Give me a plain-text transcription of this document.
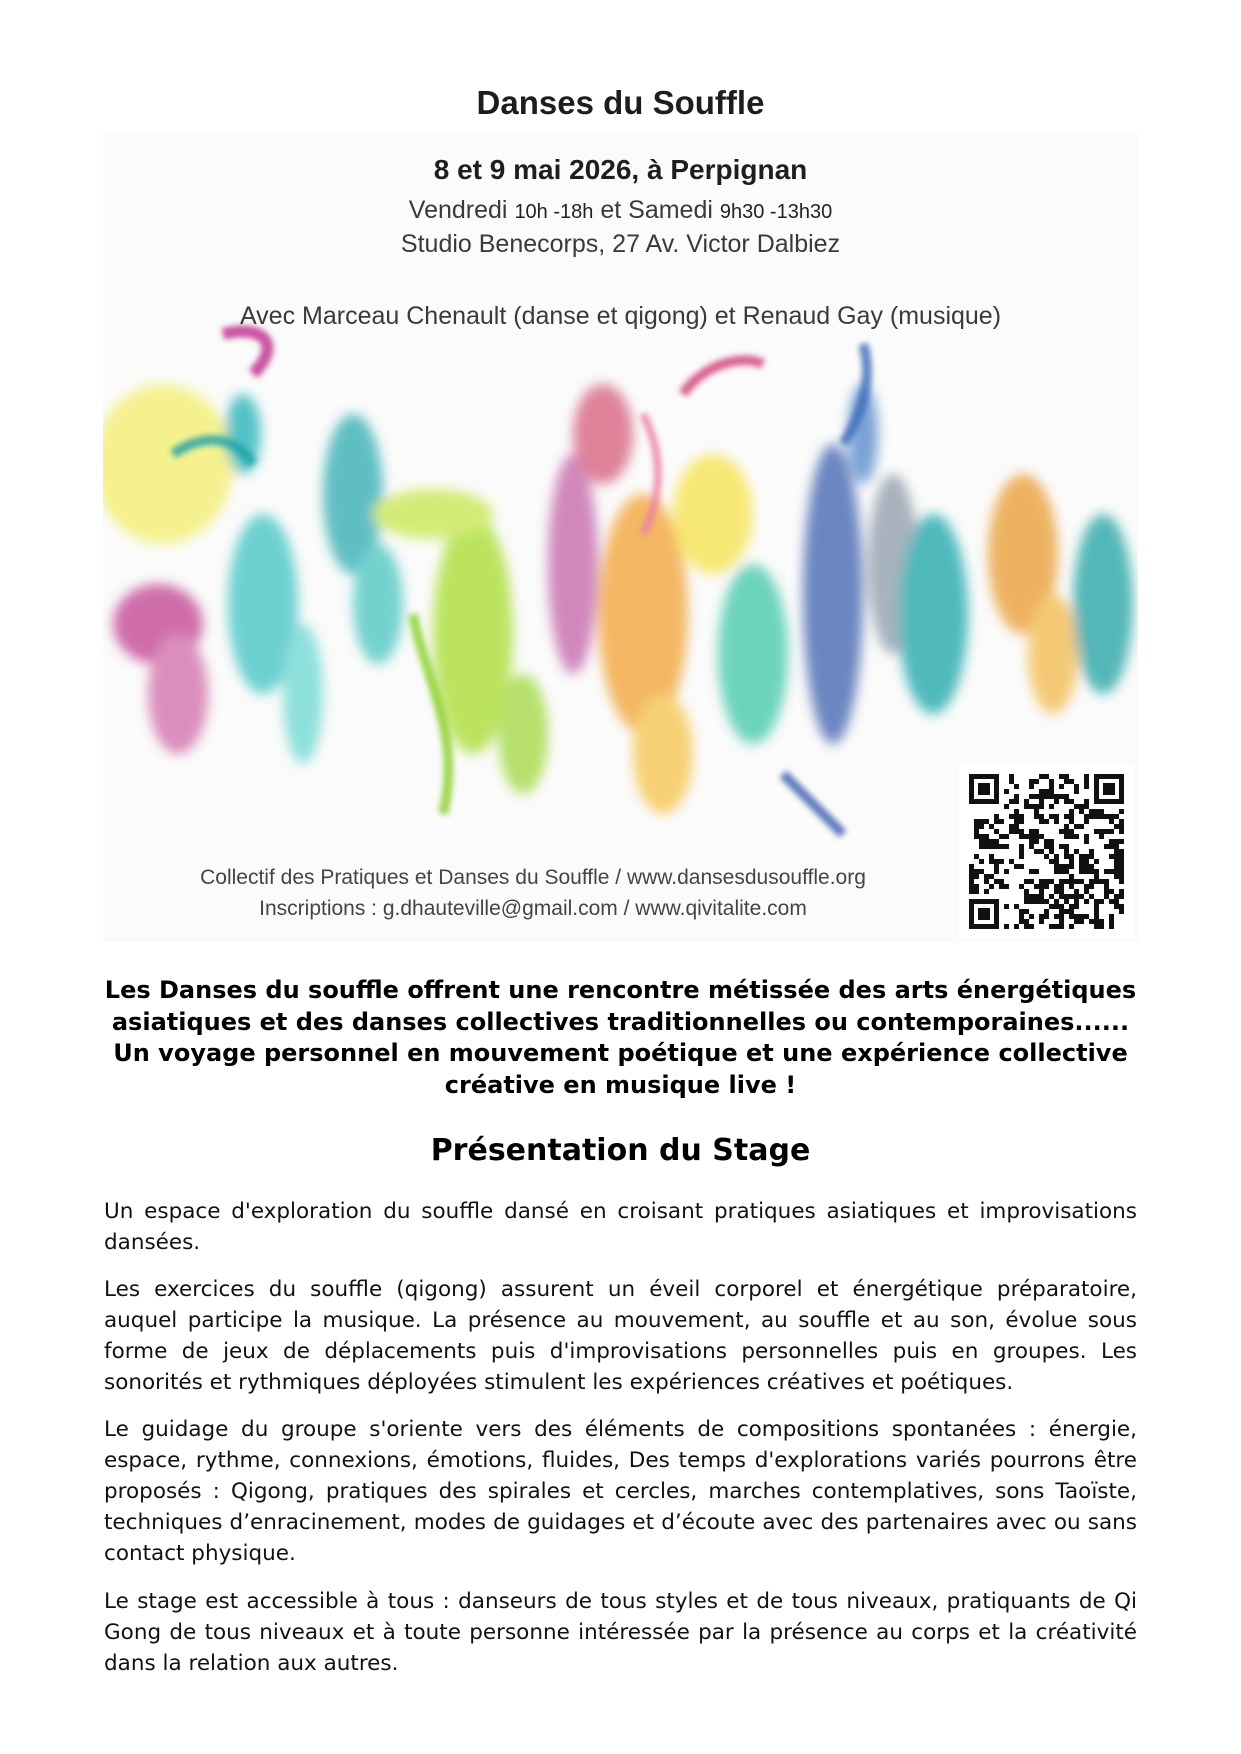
Danses du Souffle
8 et 9 mai 2026, à Perpignan
Vendredi 10h -18h et Samedi 9h30 -13h30
Studio Benecorps, 27 Av. Victor Dalbiez
Avec Marceau Chenault (danse et qigong) et Renaud Gay (musique)
Collectif des Pratiques et Danses du Souffle / www.dansesdusouffle.org
Inscriptions : g.dhauteville@gmail.com / www.qivitalite.com
Les Danses du souffle offrent une rencontre métissée des arts énergétiques asiatiques et des danses collectives traditionnelles ou contemporaines...... Un voyage personnel en mouvement poétique et une expérience collective créative en musique live !
Présentation du Stage

Un espace d'exploration du souffle dansé en croisant pratiques asiatiques et improvisations dansées.

Les exercices du souffle (qigong) assurent un éveil corporel et énergétique préparatoire, auquel participe la musique. La présence au mouvement, au souffle et au son, évolue sous forme de jeux de déplacements puis d'improvisations personnelles puis en groupes. Les sonorités et rythmiques déployées stimulent les expériences créatives et poétiques.

Le guidage du groupe s'oriente vers des éléments de compositions spontanées : énergie, espace, rythme, connexions, émotions, fluides, Des temps d'explorations variés pourrons être proposés : Qigong, pratiques des spirales et cercles, marches contemplatives, sons Taoïste, techniques d’enracinement, modes de guidages et d’écoute avec des partenaires avec ou sans contact physique.

Le stage est accessible à tous : danseurs de tous styles et de tous niveaux, pratiquants de Qi Gong de tous niveaux et à toute personne intéressée par la présence au corps et la créativité dans la relation aux autres.
